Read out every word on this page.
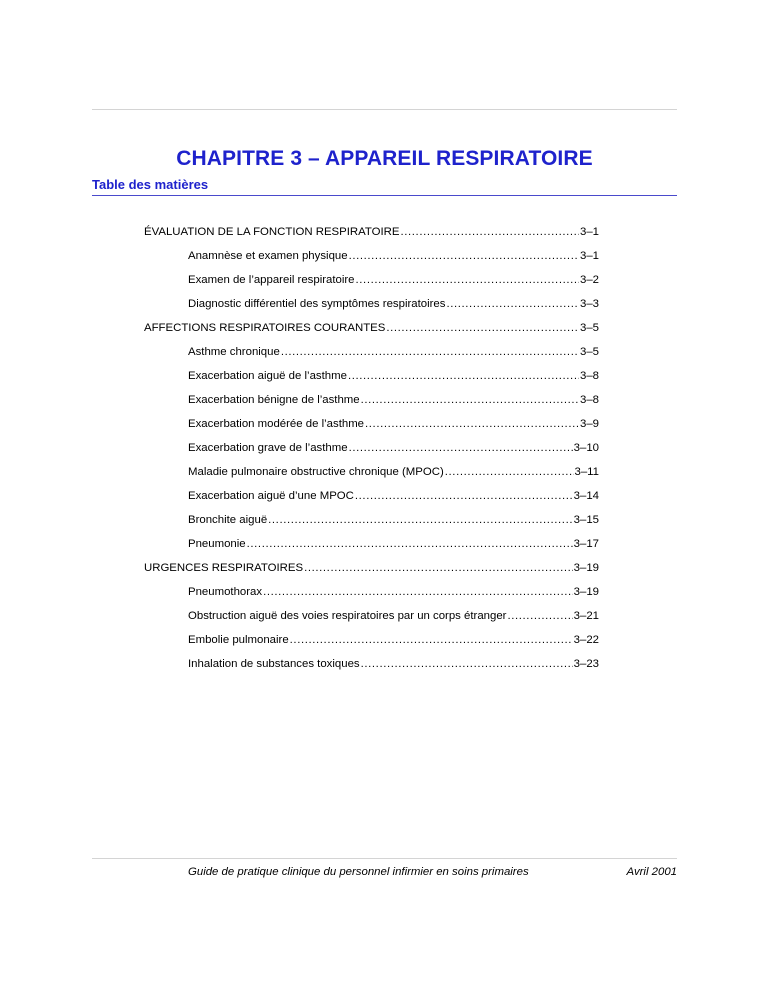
CHAPITRE 3 – APPAREIL RESPIRATOIRE
Table des matières
ÉVALUATION DE LA FONCTION RESPIRATOIRE .....	3–1
Anamnèse et examen physique .....	3–1
Examen de l’appareil respiratoire .....	3–2
Diagnostic différentiel des symptômes respiratoires .....	3–3
AFFECTIONS RESPIRATOIRES COURANTES .....	3–5
Asthme chronique .....	3–5
Exacerbation aiguë de l’asthme .....	3–8
Exacerbation bénigne de l’asthme .....	3–8
Exacerbation modérée de l’asthme .....	3–9
Exacerbation grave de l’asthme .....	3–10
Maladie pulmonaire obstructive chronique (MPOC) .....	3–11
Exacerbation aiguë d’une MPOC .....	3–14
Bronchite aiguë .....	3–15
Pneumonie .....	3–17
URGENCES RESPIRATOIRES .....	3–19
Pneumothorax .....	3–19
Obstruction aiguë des voies respiratoires par un corps étranger .....	3–21
Embolie pulmonaire .....	3–22
Inhalation de substances toxiques .....	3–23
Guide de pratique clinique du personnel infirmier en soins primaires	Avril 2001
